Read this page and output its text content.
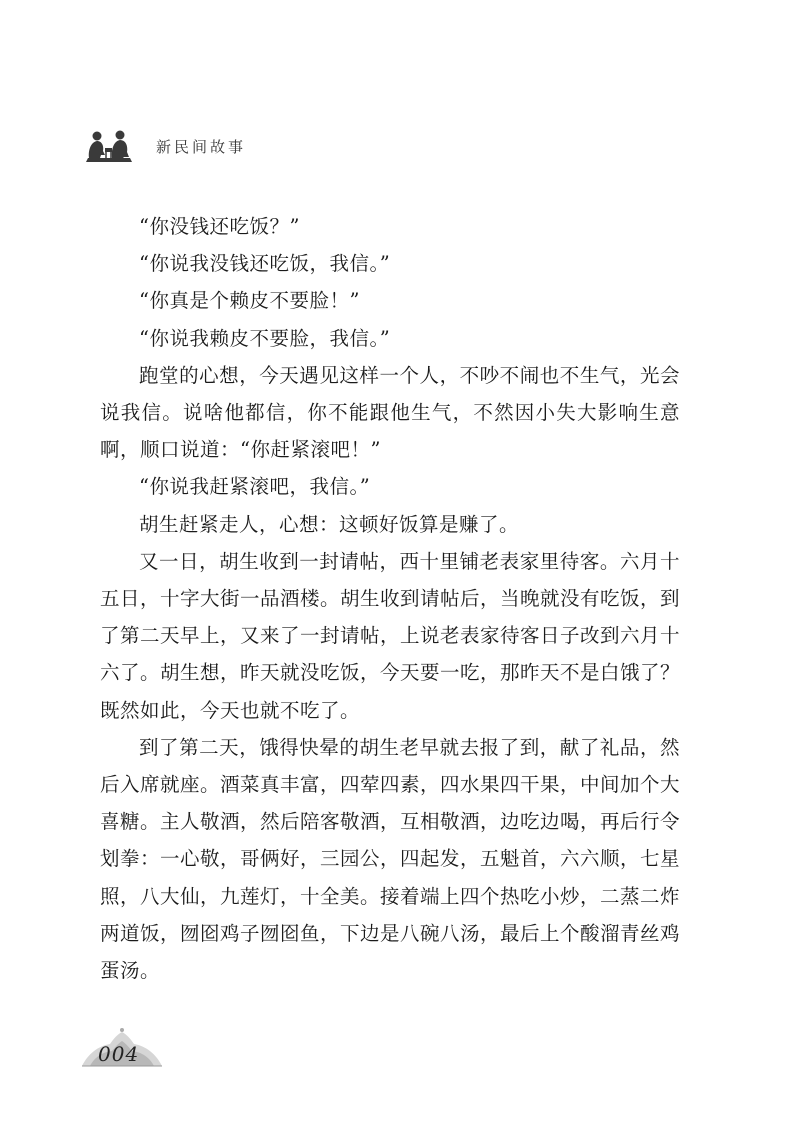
新民间故事

“你没钱还吃饭？”

“你说我没钱还吃饭，我信。”

“你真是个赖皮不要脸！”

“你说我赖皮不要脸，我信。”

跑堂的心想，今天遇见这样一个人，不吵不闹也不生气，光会说我信。说啥他都信，你不能跟他生气，不然因小失大影响生意啊，顺口说道：“你赶紧滚吧！”

“你说我赶紧滚吧，我信。”

胡生赶紧走人，心想：这顿好饭算是赚了。

又一日，胡生收到一封请帖，西十里铺老表家里待客。六月十五日，十字大街一品酒楼。胡生收到请帖后，当晚就没有吃饭，到了第二天早上，又来了一封请帖，上说老表家待客日子改到六月十六了。胡生想，昨天就没吃饭，今天要一吃，那昨天不是白饿了？既然如此，今天也就不吃了。

到了第二天，饿得快晕的胡生老早就去报了到，献了礼品，然后入席就座。酒菜真丰富，四荤四素，四水果四干果，中间加个大喜糖。主人敬酒，然后陪客敬酒，互相敬酒，边吃边喝，再后行令划拳：一心敬，哥俩好，三园公，四起发，五魁首，六六顺，七星照，八大仙，九莲灯，十全美。接着端上四个热吃小炒，二蒸二炸两道饭，囫囵鸡子囫囵鱼，下边是八碗八汤，最后上个酸溜青丝鸡蛋汤。

004
